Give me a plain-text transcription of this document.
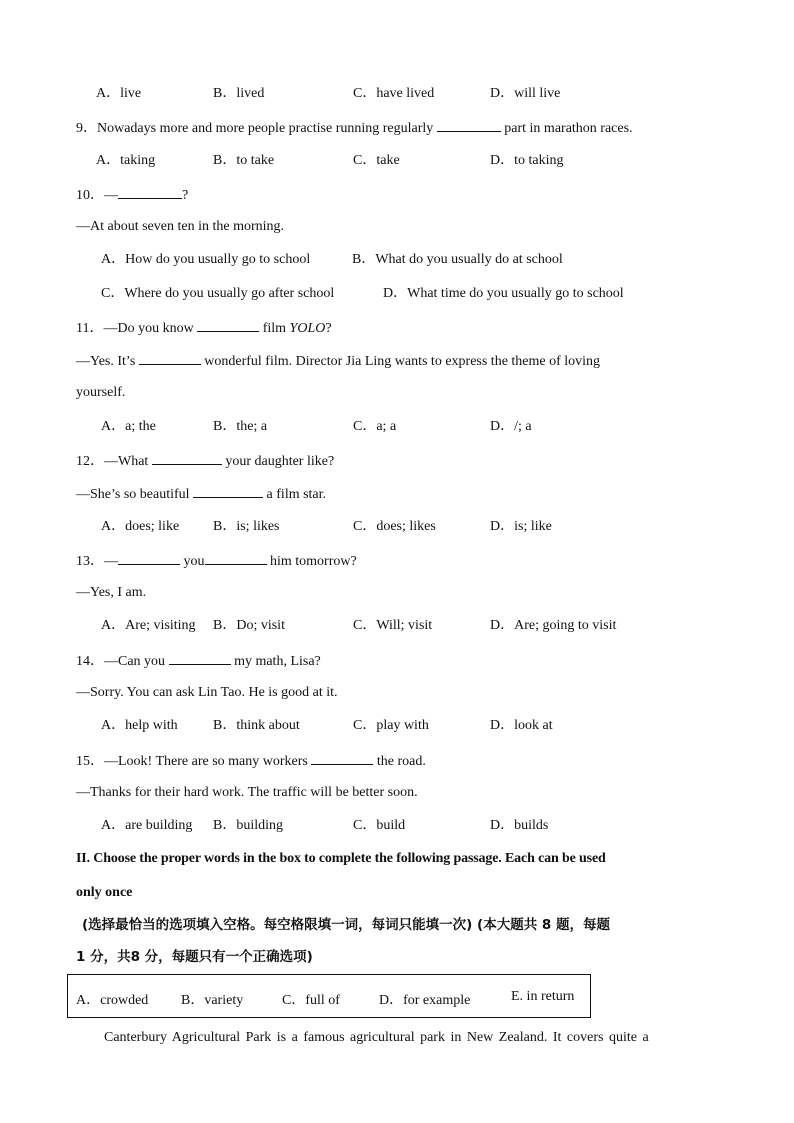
A．live	B．lived	C．have lived	D．will live
9．Nowadays more and more people practise running regularly	part in marathon races.
A．taking	B．to take	C．take	D．to taking
10．—	?
—At about seven ten in the morning.
A．How do you usually go to school	B．What do you usually do at school
C．Where do you usually go after school	D．What time do you usually go to school
11．—Do you know	film YOLO?
—Yes. It’s	wonderful film. Director Jia Ling wants to express the theme of loving
yourself.
A．a; the	B．the; a	C．a; a	D．/; a
12．—What	your daughter like?
—She’s so beautiful	a film star.
A．does; like B．is; likes	C．does; likes	D．is; like
13．—	you	him tomorrow?
—Yes, I am.
A．Are; visiting B．Do; visit	C．Will; visit	D．Are; going to visit
14．—Can you	my math, Lisa?
—Sorry. You can ask Lin Tao. He is good at it.
A．help with	B．think about	C．play with	D．look at
15．—Look! There are so many workers	the road.
—Thanks for their hard work. The traffic will be better soon.
A．are building B．building	C．build	D．builds
II. Choose the proper words in the box to complete the following passage. Each can be used
only once
(选择最恰当的选项填入空格。每空格限填一词，每词只能填一次) (本大题共 8 题，每题
1 分，共8 分，每题只有一个正确选项)
A．crowded B．variety	C．full of	D．for example	E. in return
Canterbury Agricultural Park is a famous agricultural park in New Zealand. It covers quite a
